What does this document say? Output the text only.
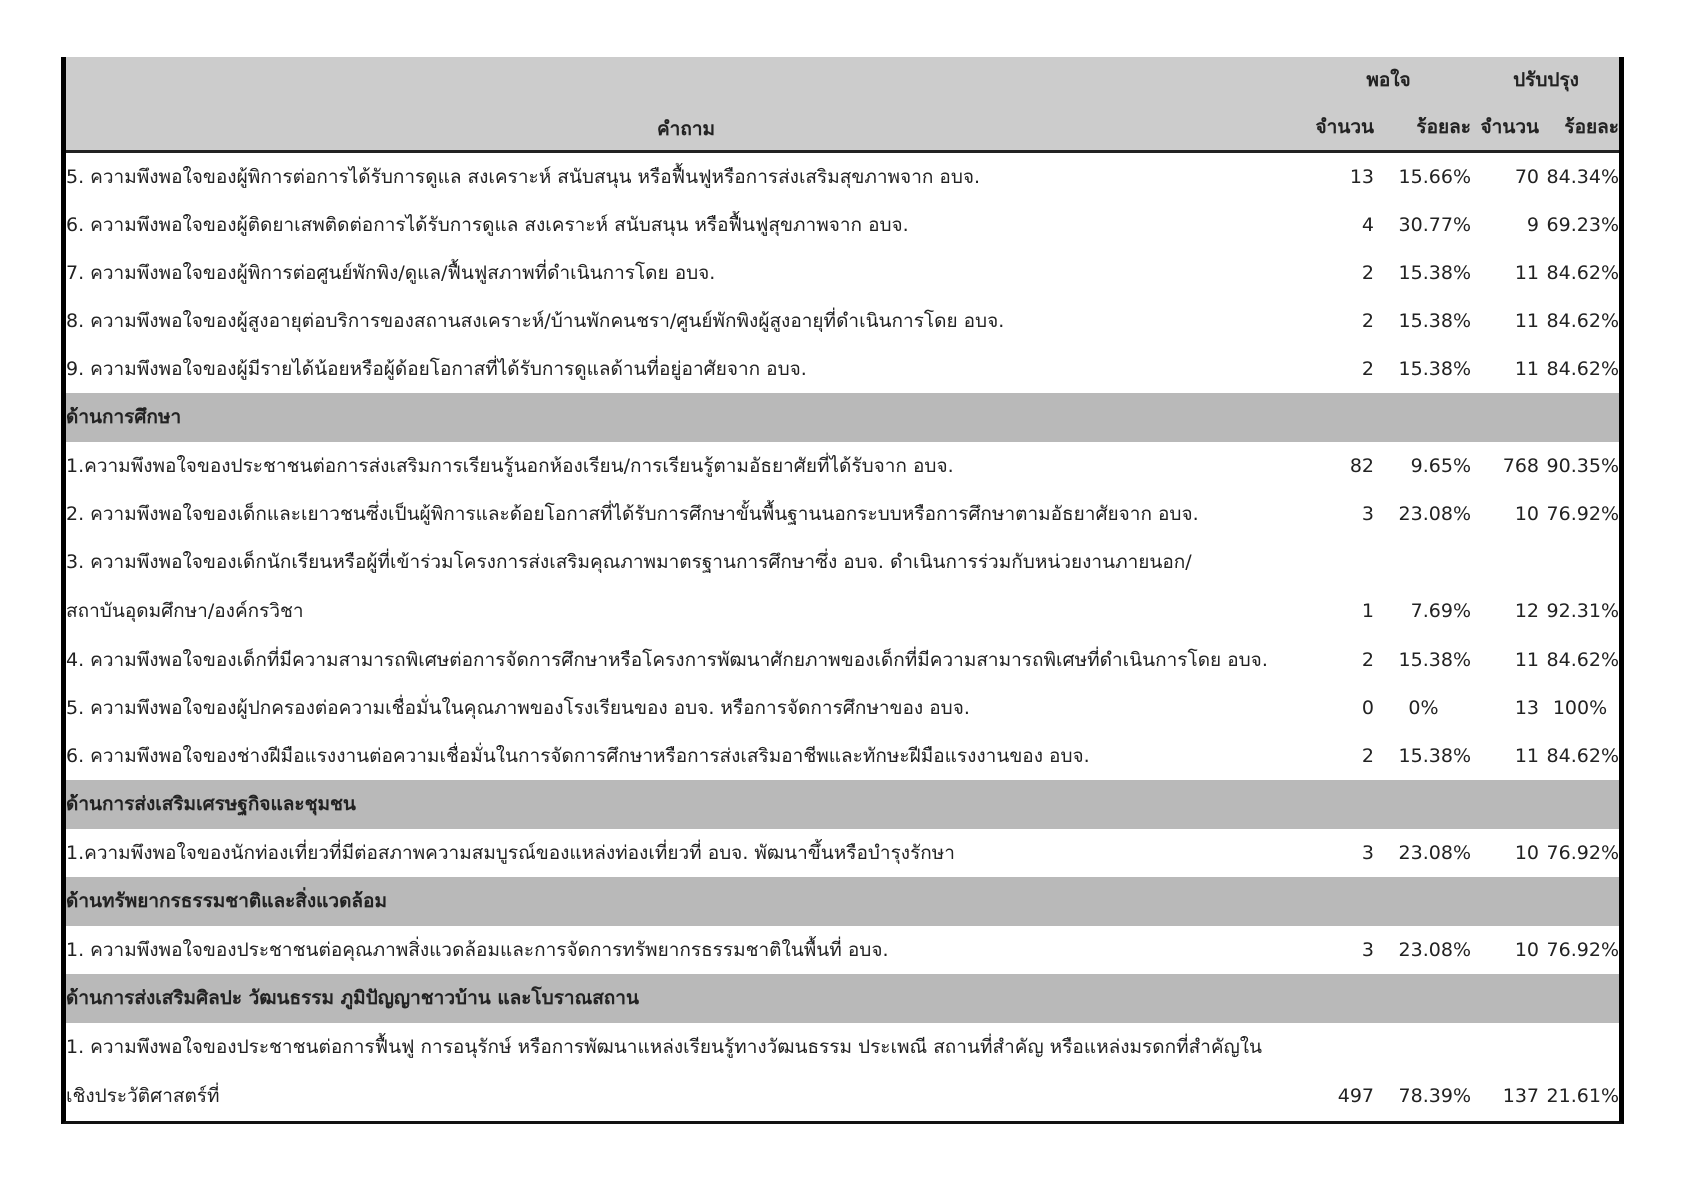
คำถาม
พอใจ	ปรับปรุง
จำนวน	ร้อยละ จำนวน	ร้อยละ
5. ความพึงพอใจของผู้พิการต่อการได้รับการดูแล สงเคราะห์ สนับสนุน หรือฟื้นฟูหรือการส่งเสริมสุขภาพจาก อบจ.	13	15.66%	70 84.34%
6. ความพึงพอใจของผู้ติดยาเสพติดต่อการได้รับการดูแล สงเคราะห์ สนับสนุน หรือฟื้นฟูสุขภาพจาก อบจ.	4	30.77%	9 69.23%
7. ความพึงพอใจของผู้พิการต่อศูนย์พักพิง/ดูแล/ฟื้นฟูสภาพที่ดำเนินการโดย อบจ.	2	15.38%	11 84.62%
8. ความพึงพอใจของผู้สูงอายุต่อบริการของสถานสงเคราะห์/บ้านพักคนชรา/ศูนย์พักพิงผู้สูงอายุที่ดำเนินการโดย อบจ.	2	15.38%	11 84.62%
9. ความพึงพอใจของผู้มีรายได้น้อยหรือผู้ด้อยโอกาสที่ได้รับการดูแลด้านที่อยู่อาศัยจาก อบจ.	2	15.38%	11 84.62%
ด้านการศึกษา
1.ความพึงพอใจของประชาชนต่อการส่งเสริมการเรียนรู้นอกห้องเรียน/การเรียนรู้ตามอัธยาศัยที่ได้รับจาก อบจ.	82	9.65%	768 90.35%
2. ความพึงพอใจของเด็กและเยาวชนซึ่งเป็นผู้พิการและด้อยโอกาสที่ได้รับการศึกษาขั้นพื้นฐานนอกระบบหรือการศึกษาตามอัธยาศัยจาก อบจ.	3	23.08%	10 76.92%
3. ความพึงพอใจของเด็กนักเรียนหรือผู้ที่เข้าร่วมโครงการส่งเสริมคุณภาพมาตรฐานการศึกษาซึ่ง อบจ. ดำเนินการร่วมกับหน่วยงานภายนอก/
สถาบันอุดมศึกษา/องค์กรวิชา	1	7.69%	12 92.31%
4. ความพึงพอใจของเด็กที่มีความสามารถพิเศษต่อการจัดการศึกษาหรือโครงการพัฒนาศักยภาพของเด็กที่มีความสามารถพิเศษที่ดำเนินการโดย อบจ.	2	15.38%	11 84.62%
5. ความพึงพอใจของผู้ปกครองต่อความเชื่อมั่นในคุณภาพของโรงเรียนของ อบจ. หรือการจัดการศึกษาของ อบจ.	0	0%	13 100%
6. ความพึงพอใจของช่างฝีมือแรงงานต่อความเชื่อมั่นในการจัดการศึกษาหรือการส่งเสริมอาชีพและทักษะฝีมือแรงงานของ อบจ.	2	15.38%	11 84.62%
ด้านการส่งเสริมเศรษฐกิจและชุมชน
1.ความพึงพอใจของนักท่องเที่ยวที่มีต่อสภาพความสมบูรณ์ของแหล่งท่องเที่ยวที่ อบจ. พัฒนาขึ้นหรือบำรุงรักษา	3	23.08%	10 76.92%
ด้านทรัพยากรธรรมชาติและสิ่งแวดล้อม
1. ความพึงพอใจของประชาชนต่อคุณภาพสิ่งแวดล้อมและการจัดการทรัพยากรธรรมชาติในพื้นที่ อบจ.	3	23.08%	10 76.92%
ด้านการส่งเสริมศิลปะ วัฒนธรรม ภูมิปัญญาชาวบ้าน และโบราณสถาน
1. ความพึงพอใจของประชาชนต่อการฟื้นฟู การอนุรักษ์ หรือการพัฒนาแหล่งเรียนรู้ทางวัฒนธรรม ประเพณี สถานที่สำคัญ หรือแหล่งมรดกที่สำคัญใน
เชิงประวัติศาสตร์ที่	497	78.39%	137 21.61%
